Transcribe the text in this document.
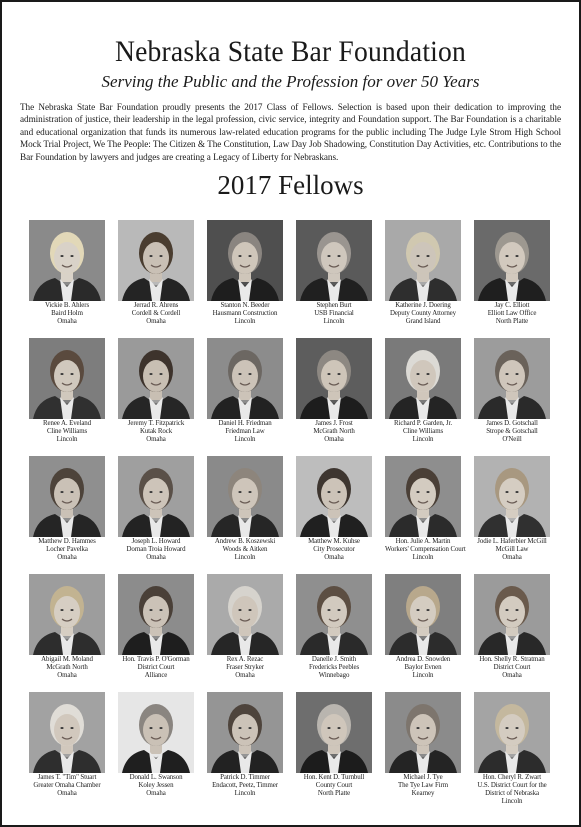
Nebraska State Bar Foundation
Serving the Public and the Profession for over 50 Years

The Nebraska State Bar Foundation proudly presents the 2017 Class of Fellows. Selection is based upon their dedication to improving the administration of justice, their leadership in the legal profession, civic service, integrity and Foundation support. The Bar Foundation is a charitable and educational organization that funds its numerous law-related education programs for the public including The Judge Lyle Strom High School Mock Trial Project, We The People: The Citizen & The Constitution, Law Day Job Shadowing, Constitution Day Activities, etc. Contributions to the Bar Foundation by lawyers and judges are creating a Legacy of Liberty for Nebraskans.

2017 Fellows
Vickie B. Ahlers
Baird Holm
Omaha
Jerrad R. Ahrens
Cordell & Cordell
Omaha
Stanton N. Beeder
Hausmann Construction
Lincoln
Stephen Burt
USB Financial
Lincoln
Katherine J. Doering
Deputy County Attorney
Grand Island
Jay C. Elliott
Elliott Law Office
North Platte
Renee A. Eveland
Cline Williams
Lincoln
Jeremy T. Fitzpatrick
Kutak Rock
Omaha
Daniel H. Friedman
Friedman Law
Lincoln
James J. Frost
McGrath North
Omaha
Richard P. Garden, Jr.
Cline Williams
Lincoln
James D. Gotschall
Strope & Gotschall
O'Neill
Matthew D. Hammes
Locher Pavelka
Omaha
Joseph L. Howard
Dornan Troia Howard
Omaha
Andrew B. Koszewski
Woods & Aitken
Lincoln
Matthew M. Kuhse
City Prosecutor
Omaha
Hon. Julie A. Martin
Workers' Compensation Court
Lincoln
Jodie L. Haferbier McGill
McGill Law
Omaha
Abigail M. Moland
McGrath North
Omaha
Hon. Travis P. O'Gorman
District Court
Alliance
Rex A. Rezac
Fraser Stryker
Omaha
Danelle J. Smith
Fredericks Peebles
Winnebago
Andrea D. Snowden
Baylor Evnen
Lincoln
Hon. Shelly R. Stratman
District Court
Omaha
James T. "Tim" Stuart
Greater Omaha Chamber
Omaha
Donald L. Swanson
Koley Jessen
Omaha
Patrick D. Timmer
Endacott, Peetz, Timmer
Lincoln
Hon. Kent D. Turnbull
County Court
North Platte
Michael J. Tye
The Tye Law Firm
Kearney
Hon. Cheryl R. Zwart
U.S. District Court for the
District of Nebraska
Lincoln
